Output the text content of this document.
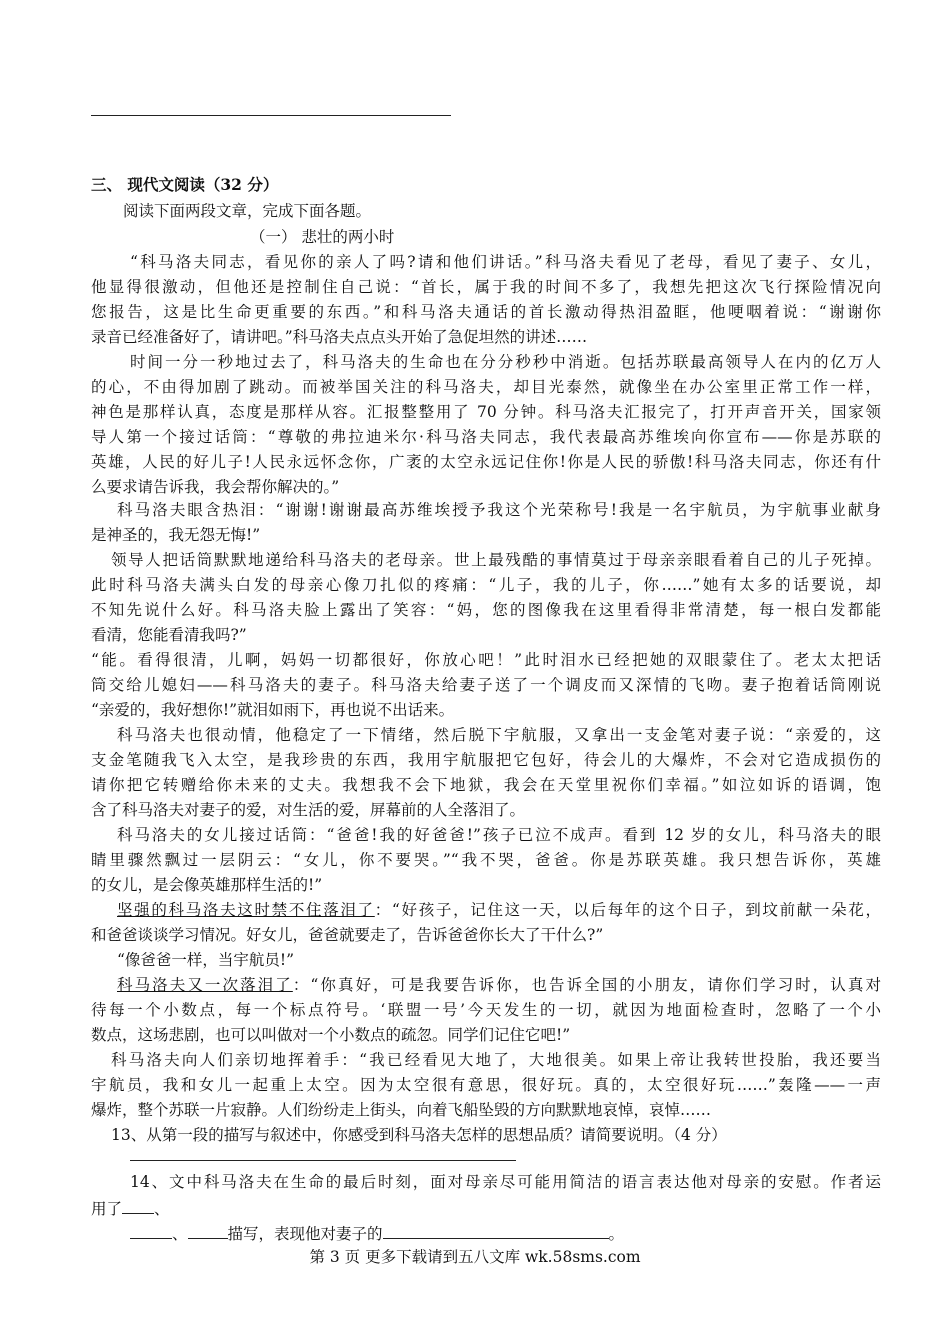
三、 现代文阅读（32 分）
阅读下面两段文章，完成下面各题。
（一） 悲壮的两小时
“科马洛夫同志，看见你的亲人了吗?请和他们讲话。”科马洛夫看见了老母，看见了妻子、女儿，
他显得很激动，但他还是控制住自己说：“首长，属于我的时间不多了，我想先把这次飞行探险情况向
您报告，这是比生命更重要的东西。”和科马洛夫通话的首长激动得热泪盈眶，他哽咽着说：“谢谢你
录音已经准备好了，请讲吧。”科马洛夫点点头开始了急促坦然的讲述……
时间一分一秒地过去了，科马洛夫的生命也在分分秒秒中消逝。包括苏联最高领导人在内的亿万人
的心，不由得加剧了跳动。而被举国关注的科马洛夫，却目光泰然，就像坐在办公室里正常工作一样，
神色是那样认真，态度是那样从容。汇报整整用了 70 分钟。科马洛夫汇报完了，打开声音开关，国家领
导人第一个接过话筒：“尊敬的弗拉迪米尔·科马洛夫同志，我代表最高苏维埃向你宣布——你是苏联的
英雄，人民的好儿子!人民永远怀念你，广袤的太空永远记住你!你是人民的骄傲!科马洛夫同志，你还有什
么要求请告诉我，我会帮你解决的。”
科马洛夫眼含热泪：“谢谢!谢谢最高苏维埃授予我这个光荣称号!我是一名宇航员，为宇航事业献身
是神圣的，我无怨无悔!”
领导人把话筒默默地递给科马洛夫的老母亲。世上最残酷的事情莫过于母亲亲眼看着自己的儿子死掉。
此时科马洛夫满头白发的母亲心像刀扎似的疼痛：“儿子，我的儿子，你……”她有太多的话要说，却
不知先说什么好。科马洛夫脸上露出了笑容：“妈，您的图像我在这里看得非常清楚，每一根白发都能
看清，您能看清我吗?”
“能。看得很清，儿啊，妈妈一切都很好，你放心吧！”此时泪水已经把她的双眼蒙住了。老太太把话
筒交给儿媳妇——科马洛夫的妻子。科马洛夫给妻子送了一个调皮而又深情的飞吻。妻子抱着话筒刚说
“亲爱的，我好想你!”就泪如雨下，再也说不出话来。
科马洛夫也很动情，他稳定了一下情绪，然后脱下宇航服，又拿出一支金笔对妻子说：“亲爱的，这
支金笔随我飞入太空，是我珍贵的东西，我用宇航服把它包好，待会儿的大爆炸，不会对它造成损伤的
请你把它转赠给你未来的丈夫。我想我不会下地狱，我会在天堂里祝你们幸福。”如泣如诉的语调，饱
含了科马洛夫对妻子的爱，对生活的爱，屏幕前的人全落泪了。
科马洛夫的女儿接过话筒：“爸爸!我的好爸爸!”孩子已泣不成声。看到 12 岁的女儿，科马洛夫的眼
睛里骤然飘过一层阴云：“女儿，你不要哭。”“我不哭，爸爸。你是苏联英雄。我只想告诉你，英雄
的女儿，是会像英雄那样生活的!”
坚强的科马洛夫这时禁不住落泪了：“好孩子，记住这一天，以后每年的这个日子，到坟前献一朵花，
和爸爸谈谈学习情况。好女儿，爸爸就要走了，告诉爸爸你长大了干什么?”
“像爸爸一样，当宇航员!”
科马洛夫又一次落泪了：“你真好，可是我要告诉你，也告诉全国的小朋友，请你们学习时，认真对
待每一个小数点，每一个标点符号。‘联盟一号’今天发生的一切，就因为地面检查时，忽略了一个小
数点，这场悲剧，也可以叫做对一个小数点的疏忽。同学们记住它吧!”
科马洛夫向人们亲切地挥着手：“我已经看见大地了，大地很美。如果上帝让我转世投胎，我还要当
宇航员，我和女儿一起重上太空。因为太空很有意思，很好玩。真的，太空很好玩……”轰隆——一声
爆炸，整个苏联一片寂静。人们纷纷走上街头，向着飞船坠毁的方向默默地哀悼，哀悼……
13、从第一段的描写与叙述中，你感受到科马洛夫怎样的思想品质？请简要说明。（4 分）
14、文中科马洛夫在生命的最后时刻，面对母亲尽可能用简洁的语言表达他对母亲的安慰。作者运
用了 、
、	描写，表现他对妻子的	。
第 3 页 更多下载请到五八文库 wk.58sms.com
